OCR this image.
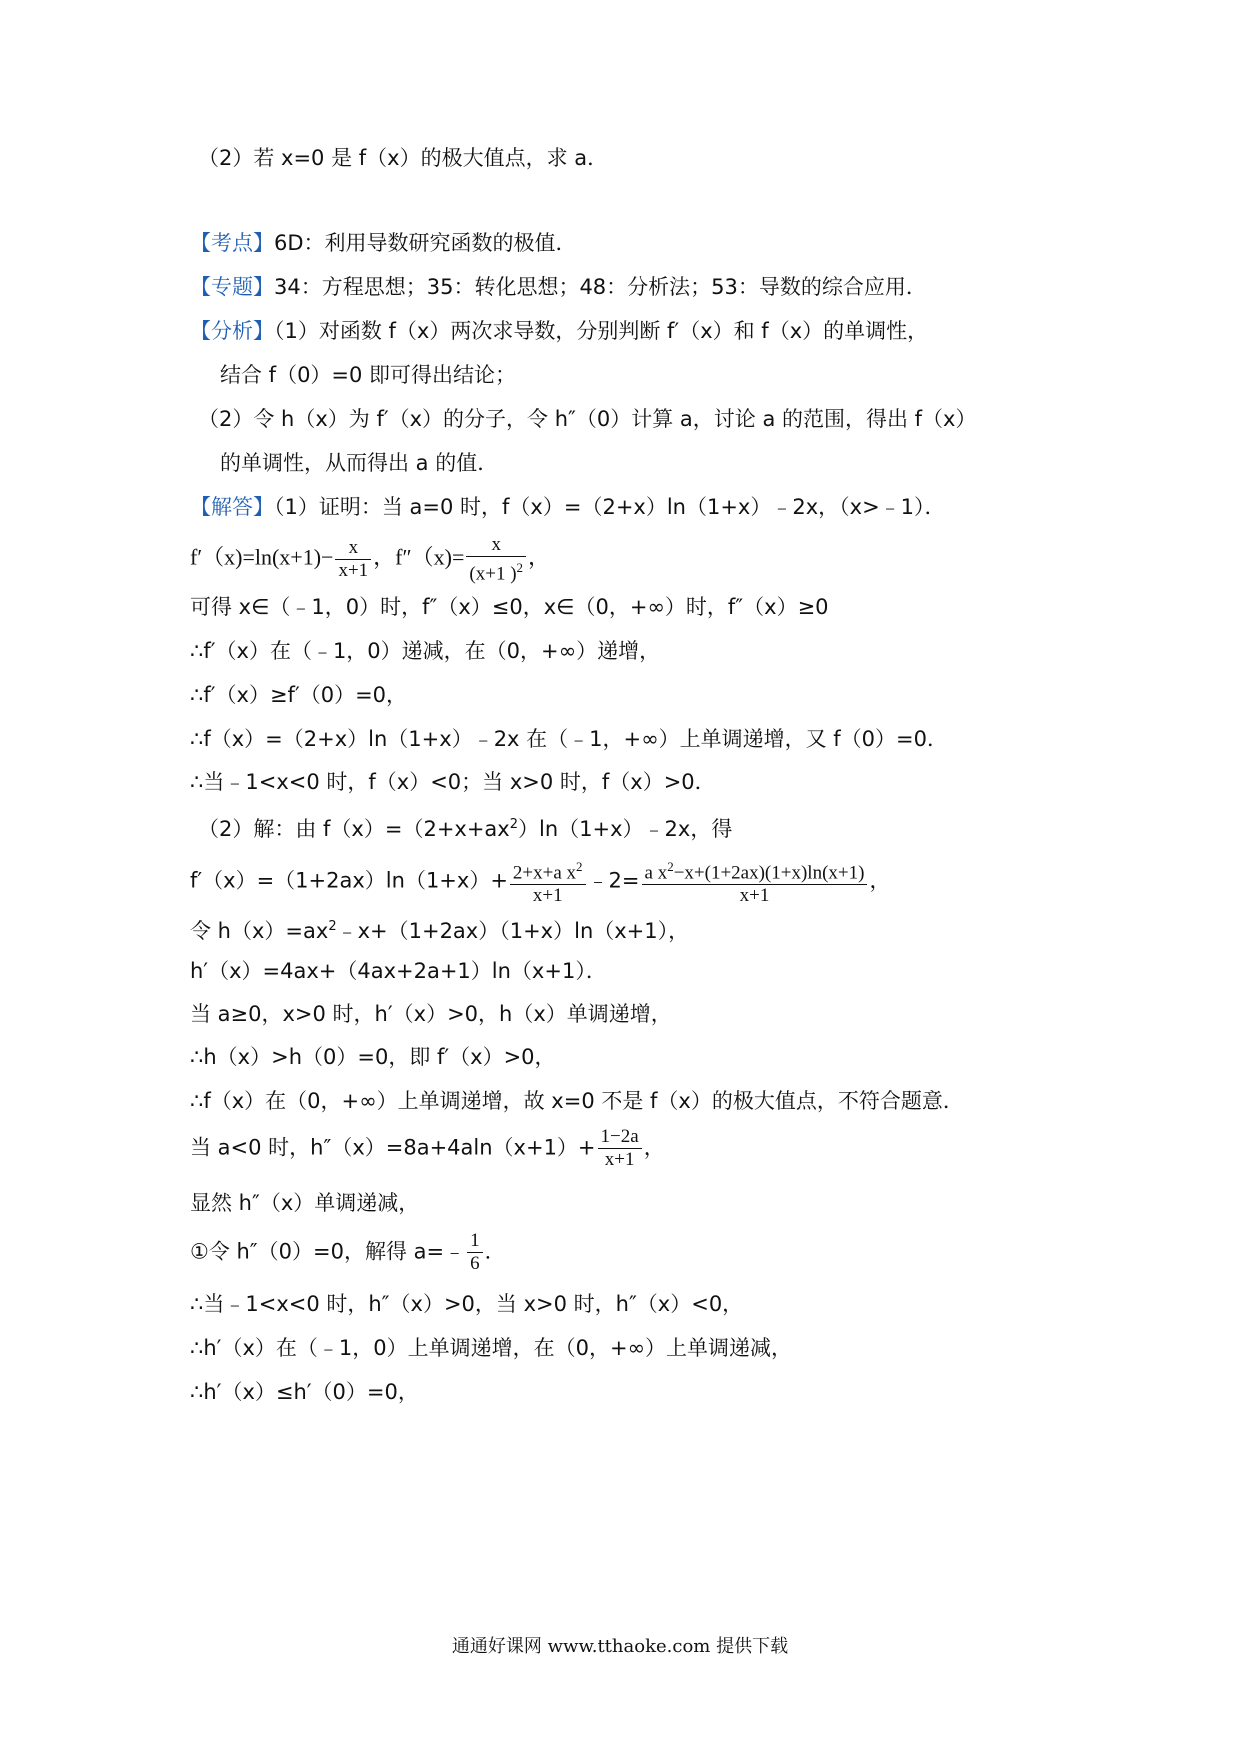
（2）若 x=0 是 f（x）的极大值点，求 a．
【考点】6D：利用导数研究函数的极值．
【专题】34：方程思想；35：转化思想；48：分析法；53：导数的综合应用．
【分析】（1）对函数 f（x）两次求导数，分别判断 f′（x）和 f（x）的单调性，
结合 f（0）=0 即可得出结论；
（2）令 h（x）为 f′（x）的分子，令 h″（0）计算 a，讨论 a 的范围，得出 f（x）
的单调性，从而得出 a 的值．
【解答】（1）证明：当 a=0 时，f（x）=（2+x）ln（1+x）﹣2x，（x>﹣1）．
$f'(x)=\ln(x+1)- \frac{x}{x+1}$ ，$f''(x)= \frac{x}{(x+1 )^2}$ ，
可得 x∈（﹣1，0）时，f″（x）≤0，x∈（0，+∞）时，f″（x）≥0
∴f′（x）在（﹣1，0）递减，在（0，+∞）递增，
∴f′（x）≥f′（0）=0，
∴f（x）=（2+x）ln（1+x）﹣2x 在（﹣1，+∞）上单调递增，又 f（0）=0．
∴当﹣1<x<0 时，f（x）<0；当 x>0 时，f（x）>0．
（2）解：由 $f(x)=(2+x+ax^2)\ln(1+x)﹣2x$，得
$f'(x)=(1+2ax)\ln(1+x)+ \frac{2+x+a x^2}{x+1}$ ﹣2= $\frac{a x^2-x+(1+2ax)(1+x)\ln(x+1)}{x+1}$ ，
令 $h(x)=ax^2﹣x+(1+2ax)(1+x)\ln(x+1)$，
h′（x）=4ax+（4ax+2a+1）ln（x+1）．
当 a≥0，x>0 时，h′（x）>0，h（x）单调递增，
∴h（x）>h（0）=0，即 f′（x）>0，
∴f（x）在（0，+∞）上单调递增，故 x=0 不是 f（x）的极大值点，不符合题意．
当 a<0 时，$h''(x)=8a+4aln(x+1)+ \frac{1-2a}{x+1}$ ，
显然 h″（x）单调递减，
①令 h″（0）=0，解得 a=﹣ $\frac{1}{6}$ ．
∴当﹣1<x<0 时，h″（x）>0，当 x>0 时，h″（x）<0，
∴h′（x）在（﹣1，0）上单调递增，在（0，+∞）上单调递减，
∴h′（x）≤h′（0）=0，
通通好课网 www.tthaoke.com 提供下载
